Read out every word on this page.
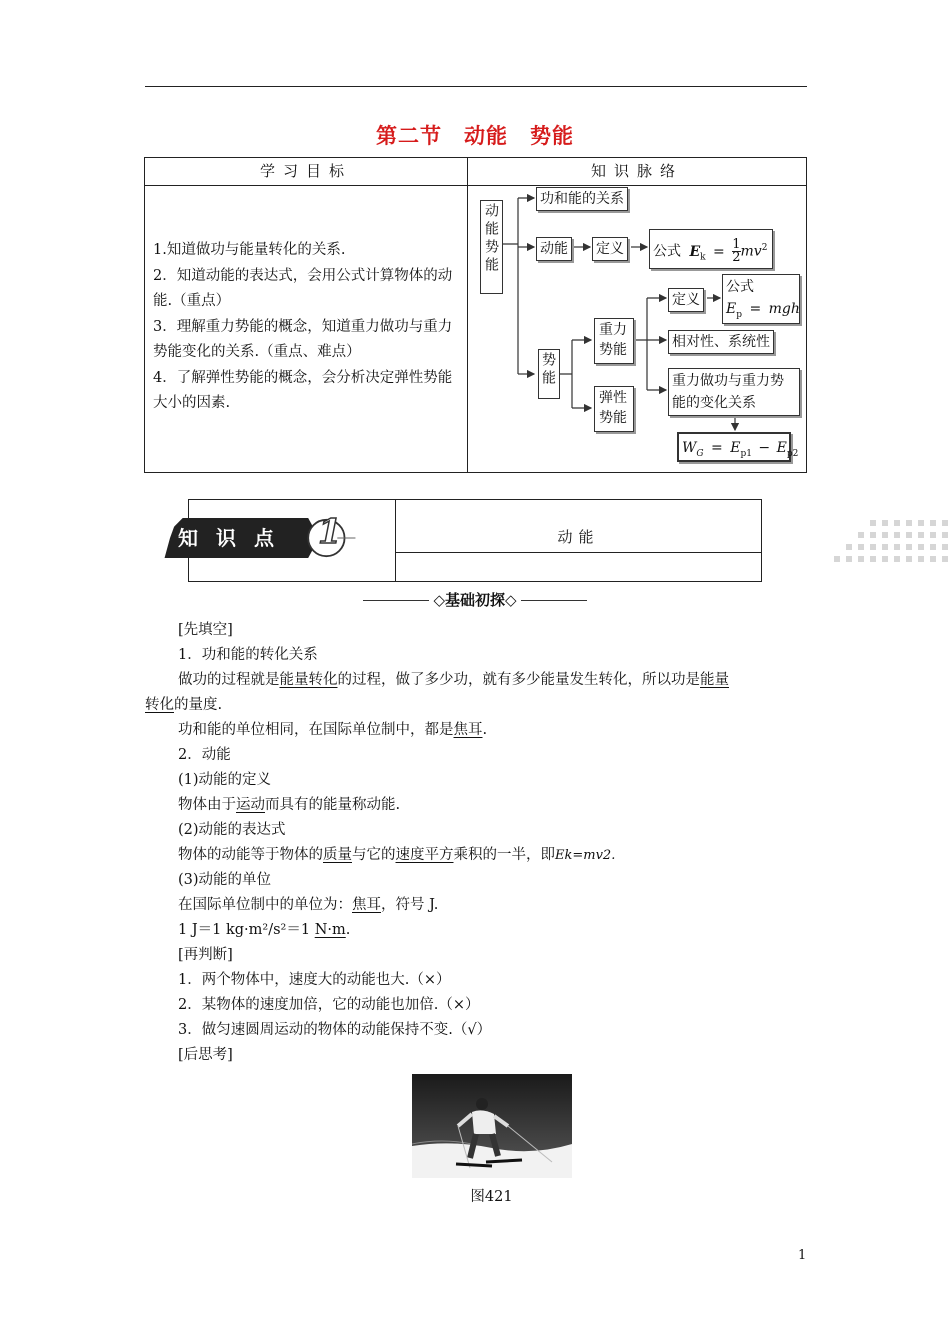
第二节 动能 势能
学习目标	知识脉络
1.知道做功与能量转化的关系.
2．知道动能的表达式，会用公式计算物体的动能.（重点）
3．理解重力势能的概念，知道重力做功与重力势能变化的关系.（重点、难点）
4．了解弹性势能的概念，会分析决定弹性势能大小的因素.
动能势能
功和能的关系
动能 定义 公式 $E_k = \frac{1}{2} mv^2$
势能
重力势能
弹性势能
定义
公式
$E_p$ = mgh
相对性、系统性
重力做功与重力势能的变化关系
$W_G = E_{p1} - E_{p2}$
知识点 1	动能
◇基础初探◇

[先填空]

1．功和能的转化关系

做功的过程就是能量转化的过程，做了多少功，就有多少能量发生转化，所以功是能量

转化的量度.

功和能的单位相同，在国际单位制中，都是焦耳.

2．动能

(1)动能的定义

物体由于运动而具有的能量称动能.

(2)动能的表达式

物体的动能等于物体的质量与它的速度平方乘积的一半，即Ek=mv2.

(3)动能的单位

在国际单位制中的单位为：焦耳，符号 J.

1 J＝1 kg·m²/s²＝1 N·m.

[再判断]

1．两个物体中，速度大的动能也大.（×）

2．某物体的速度加倍，它的动能也加倍.（×）

3．做匀速圆周运动的物体的动能保持不变.（√）

[后思考]

图421
1
